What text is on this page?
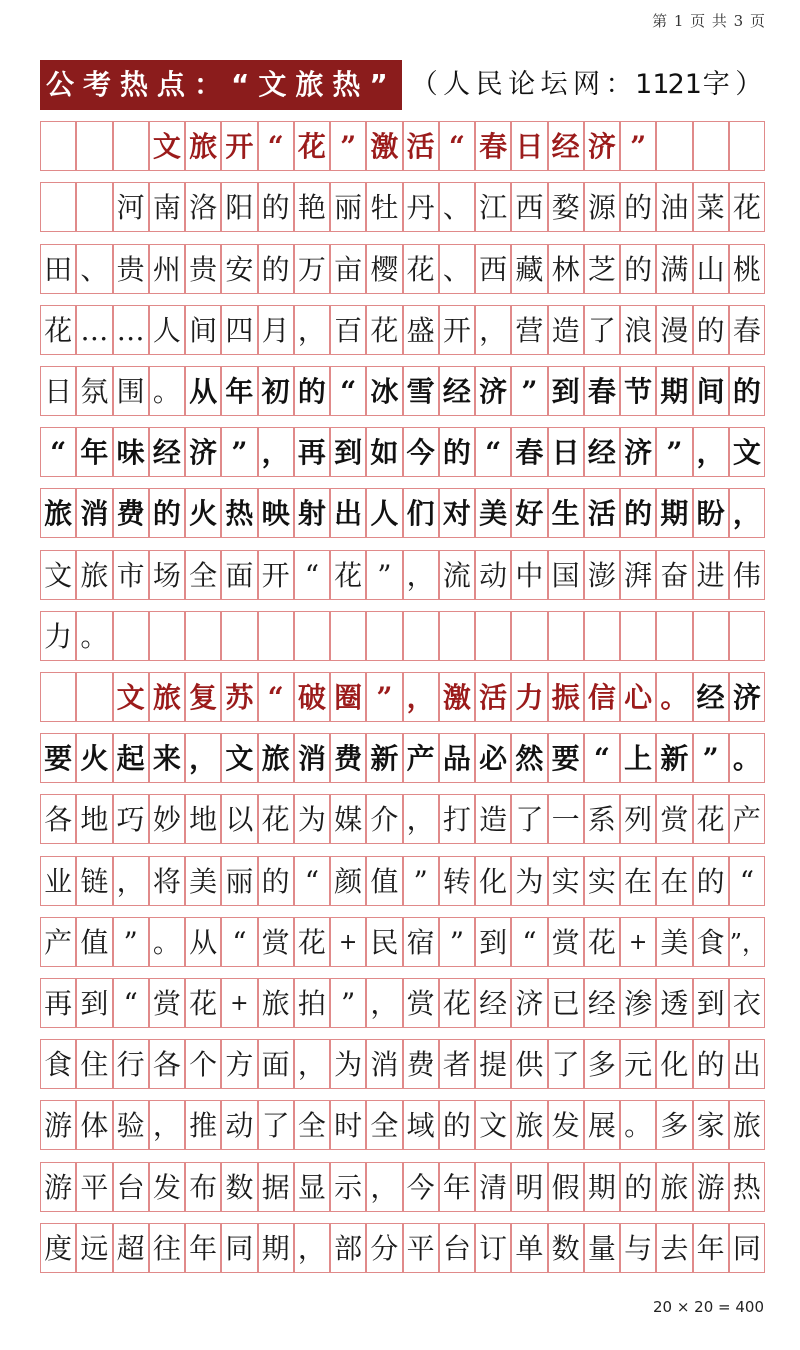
第 1 页 共 3 页
公考热点：“文旅热” （ 人 民 论 坛 网 ： 11
21 字 ）
文 旅 开 “ 花 ” 激 活 “ 春 日 经 济 ”
河 南 洛 阳 的 艳 丽 牡 丹 、 江 西 婺 源 的 油 菜 花
田 、 贵 州 贵 安 的 万 亩 樱 花 、 西 藏 林 芝 的 满 山 桃
花 … … 人 间 四 月 ， 百 花 盛 开 ， 营 造 了 浪 漫 的 春
日 氛 围 。 从 年 初 的 “ 冰 雪 经 济 ” 到 春 节 期 间 的
“ 年 味 经 济 ” ， 再 到 如 今 的 “ 春 日 经 济 ” ， 文
旅 消 费 的 火 热 映 射 出 人 们 对 美 好 生 活 的 期 盼 ，
文 旅 市 场 全 面 开 “ 花 ” ， 流 动 中 国 澎 湃 奋 进 伟
力 。
文 旅 复 苏 “ 破 圈 ” ， 激 活 力 振 信 心 。 经 济
要 火 起 来 ， 文 旅 消 费 新 产 品 必 然 要 “ 上 新 ” 。
各 地 巧 妙 地 以 花 为 媒 介 ， 打 造 了 一 系 列 赏 花 产
业 链 ， 将 美 丽 的 “ 颜 值 ” 转 化 为 实 实 在 在 的 “
产 值 ” 。 从 “ 赏 花 + 民 宿 ” 到 “ 赏 花 + 美 食 ”，
再 到 “ 赏 花 + 旅 拍 ” ， 赏 花 经 济 已 经 渗 透 到 衣
食 住 行 各 个 方 面 ， 为 消 费 者 提 供 了 多 元 化 的 出
游 体 验 ， 推 动 了 全 时 全 域 的 文 旅 发 展 。 多 家 旅
游 平 台 发 布 数 据 显 示 ， 今 年 清 明 假 期 的 旅 游 热
度 远 超 往 年 同 期 ， 部 分 平 台 订 单 数 量 与 去 年 同
20 × 20 = 400
